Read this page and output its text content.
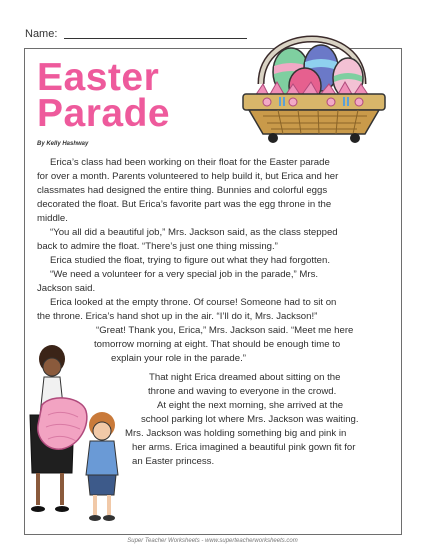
Name:
Easter
Parade
By Kelly Hashway
Erica’s class had been working on their float for the Easter parade
for over a month. Parents volunteered to help build it, but Erica and her
classmates had designed the entire thing. Bunnies and colorful eggs
decorated the float. But Erica’s favorite part was the egg throne in the
middle.
“You all did a beautiful job,” Mrs. Jackson said, as the class stepped
back to admire the float. “There’s just one thing missing.”
Erica studied the float, trying to figure out what they had forgotten.
“We need a volunteer for a very special job in the parade,” Mrs.
Jackson said.
Erica looked at the empty throne. Of course! Someone had to sit on
the throne. Erica’s hand shot up in the air. “I’ll do it, Mrs. Jackson!”
“Great! Thank you, Erica,” Mrs. Jackson said. “Meet me here
tomorrow morning at eight. That should be enough time to
explain your role in the parade.”
That night Erica dreamed about sitting on the
throne and waving to everyone in the crowd.
At eight the next morning, she arrived at the
school parking lot where Mrs. Jackson was waiting.
Mrs. Jackson was holding something big and pink in
her arms. Erica imagined a beautiful pink gown fit for
an Easter princess.
Super Teacher Worksheets - www.superteacherworksheets.com
